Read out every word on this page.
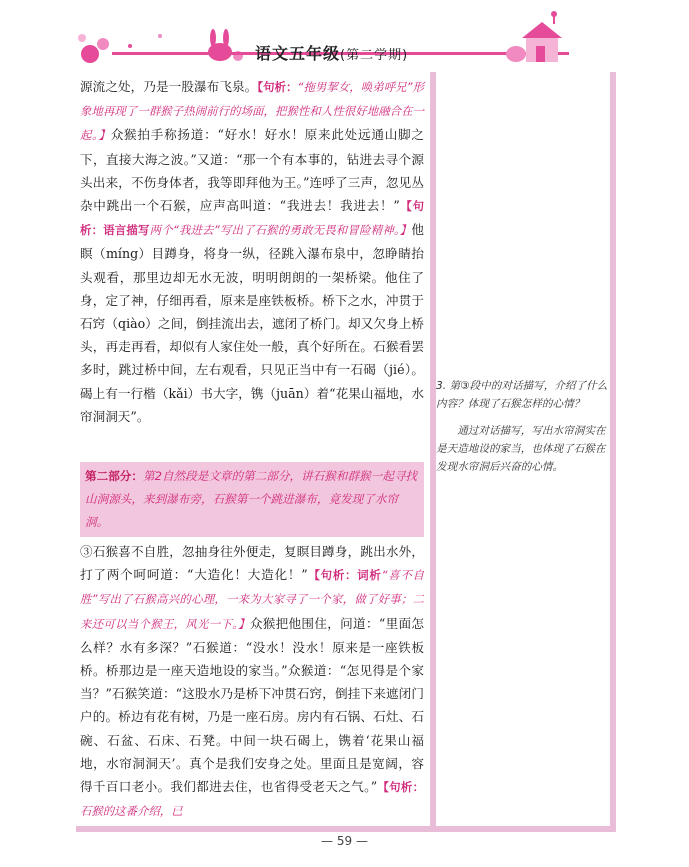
语文五年级(第二学期)

源流之处，乃是一股瀑布飞泉。【句析：“拖男挈女，唤弟呼兄”形象地再现了一群猴子热闹前行的场面，把猴性和人性很好地融合在一起。】众猴拍手称扬道：“好水！好水！原来此处远通山脚之下，直接大海之波。”又道：“那一个有本事的，钻进去寻个源头出来，不伤身体者，我等即拜他为王。”连呼了三声，忽见丛杂中跳出一个石猴，应声高叫道：“我进去！我进去！”【句析：语言描写两个“我进去”写出了石猴的勇敢无畏和冒险精神。】他瞑（míng）目蹲身，将身一纵，径跳入瀑布泉中，忽睁睛抬头观看，那里边却无水无波，明明朗朗的一架桥梁。他住了身，定了神，仔细再看，原来是座铁板桥。桥下之水，冲贯于石窍（qiào）之间，倒挂流出去，遮闭了桥门。却又欠身上桥头，再走再看，却似有人家住处一般，真个好所在。石猴看罢多时，跳过桥中间，左右观看，只见正当中有一石碣（jié）。碣上有一行楷（kǎi）书大字，镌（juān）着“花果山福地，水帘洞洞天”。

第二部分：第2自然段是文章的第二部分，讲石猴和群猴一起寻找山涧源头，来到瀑布旁，石猴第一个跳进瀑布，竟发现了水帘洞。

③石猴喜不自胜，忽抽身往外便走，复瞑目蹲身，跳出水外，打了两个呵呵道：“大造化！大造化！”【句析：词析“喜不自胜”写出了石猴高兴的心理，一来为大家寻了一个家，做了好事；二来还可以当个猴王，风光一下。】众猴把他围住，问道：“里面怎么样？水有多深？”石猴道：“没水！没水！原来是一座铁板桥。桥那边是一座天造地设的家当。”众猴道：“怎见得是个家当？”石猴笑道：“这股水乃是桥下冲贯石窍，倒挂下来遮闭门户的。桥边有花有树，乃是一座石房。房内有石锅、石灶、石碗、石盆、石床、石凳。中间一块石碣上，镌着‘花果山福地，水帘洞洞天’。真个是我们安身之处。里面且是宽阔，容得千百口老小。我们都进去住，也省得受老天之气。”【句析：石猴的这番介绍，已

3. 第③段中的对话描写，介绍了什么内容？体现了石猴怎样的心情？

通过对话描写，写出水帘洞实在是天造地设的家当，也体现了石猴在发现水帘洞后兴奋的心情。

— 59 —
